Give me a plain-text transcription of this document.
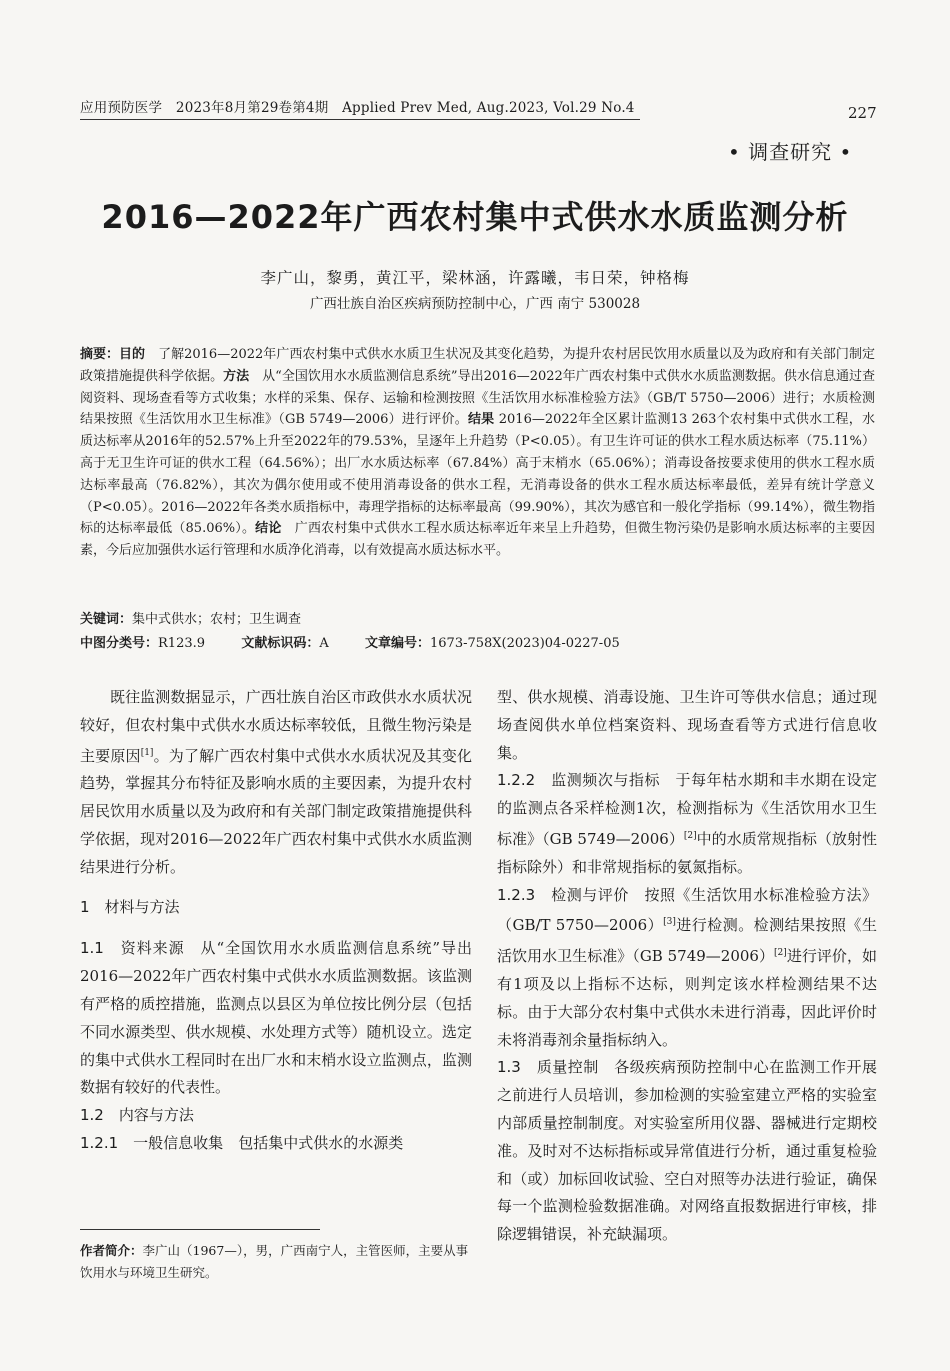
应用预防医学　2023年8月第29卷第4期　Applied Prev Med, Aug.2023, Vol.29 No.4	227
• 调查研究 •
2016—2022年广西农村集中式供水水质监测分析
李广山，黎勇，黄江平，梁林涵，许露曦，韦日荣，钟格梅
广西壮族自治区疾病预防控制中心，广西 南宁 530028
摘要：目的　 了解2016—2022年广西农村集中式供水水质卫生状况及其变化趋势，为提升农村居民饮用水质量以及为政府和有关部门制定政策措施提供科学依据。方法　 从“全国饮用水水质监测信息系统”导出2016—2022年广西农村集中式供水水质监测数据。供水信息通过查阅资料、现场查看等方式收集；水样的采集、保存、运输和检测按照《生活饮用水标准检验方法》（GB/T 5750—2006）进行；水质检测结果按照《生活饮用水卫生标准》（GB 5749—2006）进行评价。结果 2016—2022年全区累计监测13 263个农村集中式供水工程，水质达标率从2016年的52.57%上升至2022年的79.53%，呈逐年上升趋势（P<0.05）。有卫生许可证的供水工程水质达标率（75.11%）高于无卫生许可证的供水工程（64.56%）；出厂水水质达标率（67.84%）高于末梢水（65.06%）；消毒设备按要求使用的供水工程水质达标率最高（76.82%），其次为偶尔使用或不使用消毒设备的供水工程，无消毒设备的供水工程水质达标率最低，差异有统计学意义（P<0.05）。2016—2022年各类水质指标中，毒理学指标的达标率最高（99.90%），其次为感官和一般化学指标（99.14%），微生物指标的达标率最低（85.06%）。结论　 广西农村集中式供水工程水质达标率近年来呈上升趋势，但微生物污染仍是影响水质达标率的主要因素，今后应加强供水运行管理和水质净化消毒，以有效提高水质达标水平。
关键词：集中式供水；农村；卫生调查
中图分类号：R123.9	文献标识码：A	文章编号：1673-758X(2023)04-0227-05

既往监测数据显示，广西壮族自治区市政供水水质状况较好，但农村集中式供水水质达标率较低，且微生物污染是主要原因[1]。为了解广西农村集中式供水水质状况及其变化趋势，掌握其分布特征及影响水质的主要因素，为提升农村居民饮用水质量以及为政府和有关部门制定政策措施提供科学依据，现对2016—2022年广西农村集中式供水水质监测结果进行分析。

1　材料与方法

1.1　资料来源　 从“全国饮用水水质监测信息系统”导出2016—2022年广西农村集中式供水水质监测数据。该监测有严格的质控措施，监测点以县区为单位按比例分层（包括不同水源类型、供水规模、水处理方式等）随机设立。选定的集中式供水工程同时在出厂水和末梢水设立监测点，监测数据有较好的代表性。

1.2　内容与方法

1.2.1　一般信息收集　 包括集中式供水的水源类

型、供水规模、消毒设施、卫生许可等供水信息；通过现场查阅供水单位档案资料、现场查看等方式进行信息收集。

1.2.2　监测频次与指标　 于每年枯水期和丰水期在设定的监测点各采样检测1次，检测指标为《生活饮用水卫生标准》（GB 5749—2006）[2]中的水质常规指标（放射性指标除外）和非常规指标的氨氮指标。

1.2.3　检测与评价　 按照《生活饮用水标准检验方法》（GB/T 5750—2006）[3]进行检测。检测结果按照《生活饮用水卫生标准》（GB 5749—2006）[2]进行评价，如有1项及以上指标不达标，则判定该水样检测结果不达标。由于大部分农村集中式供水未进行消毒，因此评价时未将消毒剂余量指标纳入。

1.3　质量控制　 各级疾病预防控制中心在监测工作开展之前进行人员培训，参加检测的实验室建立严格的实验室内部质量控制制度。对实验室所用仪器、器械进行定期校准。及时对不达标指标或异常值进行分析，通过重复检验和（或）加标回收试验、空白对照等办法进行验证，确保每一个监测检验数据准确。对网络直报数据进行审核，排除逻辑错误，补充缺漏项。

作者简介：李广山（1967—），男，广西南宁人，主管医师，主要从事饮用水与环境卫生研究。
